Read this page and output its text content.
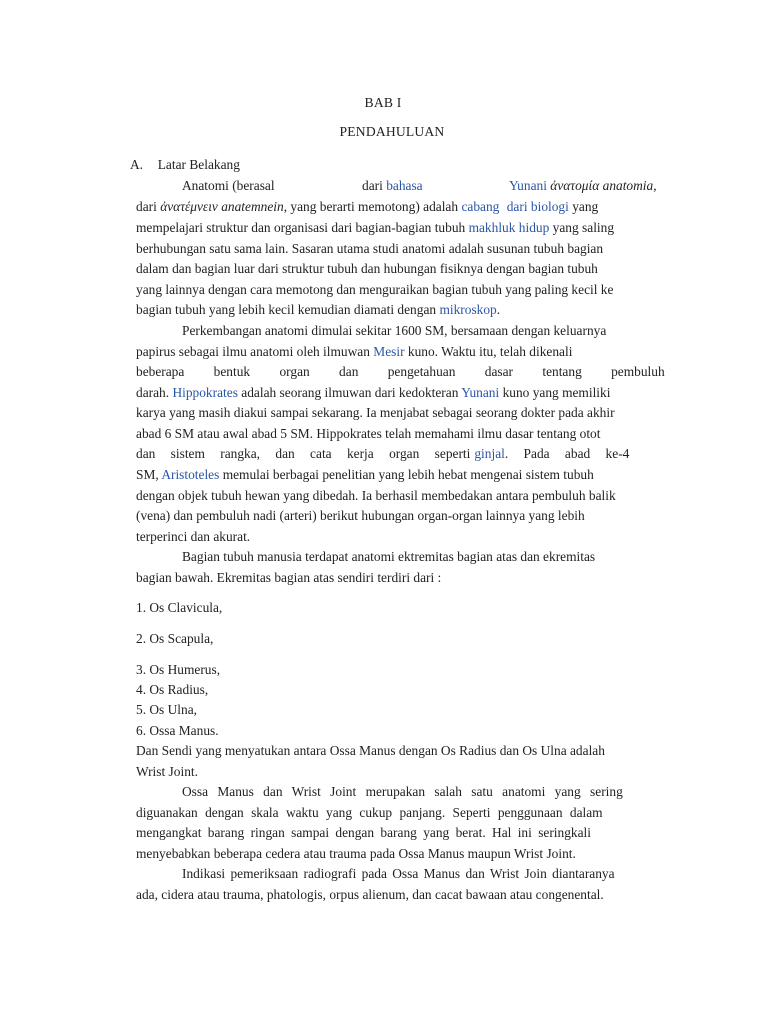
BAB I
PENDAHULUAN
A. Latar Belakang
Anatomi (berasal	dari bahasa	Yunani ἀνατομία anatomia,
dari ἀνατέμνειν anatemnein, yang berarti memotong) adalah cabang dari biologi yang
mempelajari struktur dan organisasi dari bagian-bagian tubuh makhluk hidup yang saling
berhubungan satu sama lain. Sasaran utama studi anatomi adalah susunan tubuh bagian
dalam dan bagian luar dari struktur tubuh dan hubungan fisiknya dengan bagian tubuh
yang lainnya dengan cara memotong dan menguraikan bagian tubuh yang paling kecil ke
bagian tubuh yang lebih kecil kemudian diamati dengan mikroskop.
Perkembangan anatomi dimulai sekitar 1600 SM, bersamaan dengan keluarnya
papirus sebagai ilmu anatomi oleh ilmuwan Mesir kuno. Waktu itu, telah dikenali
beberapa bentuk organ dan pengetahuan dasar tentang pembuluh
darah. Hippokrates adalah seorang ilmuwan dari kedokteran Yunani kuno yang memiliki
karya yang masih diakui sampai sekarang. Ia menjabat sebagai seorang dokter pada akhir
abad 6 SM atau awal abad 5 SM. Hippokrates telah memahami ilmu dasar tentang otot
dan sistem rangka, dan cata kerja organ seperti ginjal. Pada abad ke-4
SM, Aristoteles memulai berbagai penelitian yang lebih hebat mengenai sistem tubuh
dengan objek tubuh hewan yang dibedah. Ia berhasil membedakan antara pembuluh balik
(vena) dan pembuluh nadi (arteri) berikut hubungan organ-organ lainnya yang lebih
terperinci dan akurat.
Bagian tubuh manusia terdapat anatomi ektremitas bagian atas dan ekremitas
bagian bawah. Ekremitas bagian atas sendiri terdiri dari :
1. Os Clavicula,
2. Os Scapula,
3. Os Humerus,
4. Os Radius,
5. Os Ulna,
6. Ossa Manus.
Dan Sendi yang menyatukan antara Ossa Manus dengan Os Radius dan Os Ulna adalah
Wrist Joint.
Ossa Manus dan Wrist Joint merupakan salah satu anatomi yang sering
diguanakan dengan skala waktu yang cukup panjang. Seperti penggunaan dalam
mengangkat barang ringan sampai dengan barang yang berat. Hal ini seringkali
menyebabkan beberapa cedera atau trauma pada Ossa Manus maupun Wrist Joint.
Indikasi pemeriksaan radiografi pada Ossa Manus dan Wrist Join diantaranya
ada, cidera atau trauma, phatologis, orpus alienum, dan cacat bawaan atau congenental.
